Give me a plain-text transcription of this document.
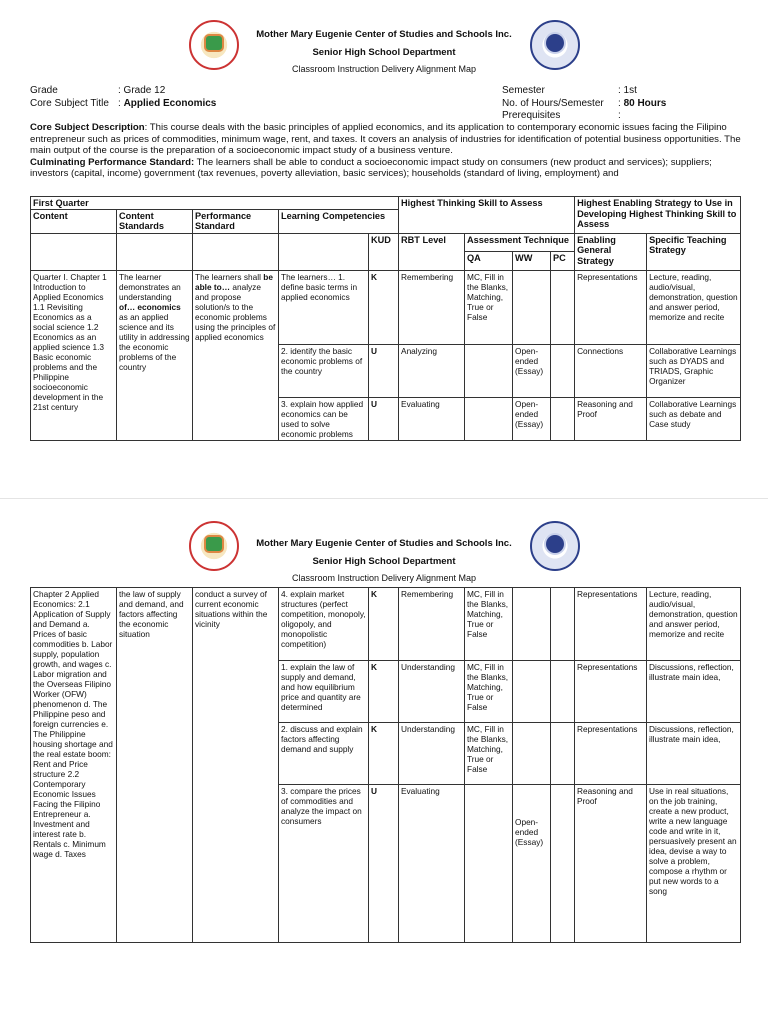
Mother Mary Eugenie Center of Studies and Schools Inc.
Senior High School Department
Classroom Instruction Delivery Alignment Map
Grade	: Grade 12
Core Subject Title : Applied Economics
Semester	: 1st
No. of Hours/Semester	: 80 Hours
Prerequisites	:
Core Subject Description: This course deals with the basic principles of applied economics, and its application to contemporary economic issues facing the Filipino entrepreneur such as prices of commodities, minimum wage, rent, and taxes. It covers an analysis of industries for identification of potential business opportunities. The main output of the course is the preparation of a socioeconomic impact study of a business venture.
Culminating Performance Standard: The learners shall be able to conduct a socioeconomic impact study on consumers (new product and services); suppliers; investors (capital, income) government (tax revenues, poverty alleviation, basic services); households (standard of living, employment) and
First Quarter					Highest Thinking Skill to Assess				Highest Enabling Strategy to Use in Developing Highest Thinking Skill to Assess	
Content	Content Standards	Performance Standard	Learning Competencies							
				KUD	RBT Level	Assessment Technique			Enabling General Strategy	Specific Teaching Strategy
						QA	WW	PC		
Quarter I. Chapter 1 Introduction to Applied Economics 1.1 Revisiting Economics as a social science 1.2 Economics as an applied science 1.3 Basic economic problems and the Philippine socioeconomic development in the 21st century	The learner demonstrates an understanding of… economics as an applied science and its utility in addressing the economic problems of the country	The learners shall be able to… analyze and propose solution/s to the economic problems using the principles of applied economics	The learners… 1. define basic terms in applied economics	K	Remembering	MC, Fill in the Blanks, Matching, True or False			Representations	Lecture, reading, audio/visual, demonstration, question and answer period, memorize and recite
			2. identify the basic economic problems of the country	U	Analyzing		Open-ended (Essay)		Connections	Collaborative Learnings such as DYADS and TRIADS, Graphic Organizer
			3. explain how applied economics can be used to solve economic problems	U	Evaluating		Open-ended (Essay)		Reasoning and Proof	Collaborative Learnings such as debate and Case study
Mother Mary Eugenie Center of Studies and Schools Inc.
Senior High School Department
Classroom Instruction Delivery Alignment Map
Chapter 2 Applied Economics: 2.1 Application of Supply and Demand a. Prices of basic commodities b. Labor supply, population growth, and wages c. Labor migration and the Overseas Filipino Worker (OFW) phenomenon d. The Philippine peso and foreign currencies e. The Philippine housing shortage and the real estate boom: Rent and Price structure 2.2 Contemporary Economic Issues Facing the Filipino Entrepreneur a. Investment and interest rate b. Rentals c. Minimum wage d. Taxes	the law of supply and demand, and factors affecting the economic situation	conduct a survey of current economic situations within the vicinity	4. explain market structures (perfect competition, monopoly, oligopoly, and monopolistic competition)	K	Remembering	MC, Fill in the Blanks, Matching, True or False			Representations	Lecture, reading, audio/visual, demonstration, question and answer period, memorize and recite
			1. explain the law of supply and demand, and how equilibrium price and quantity are determined	K	Understanding	MC, Fill in the Blanks, Matching, True or False			Representations	Discussions, reflection, illustrate main idea,
			2. discuss and explain factors affecting demand and supply	K	Understanding	MC, Fill in the Blanks, Matching, True or False			Representations	Discussions, reflection, illustrate main idea,
			3. compare the prices of commodities and analyze the impact on consumers	U	Evaluating		Open-ended (Essay)		Reasoning and Proof	Use in real situations, on the job training, create a new product, write a new language code and write in it, persuasively present an idea, devise a way to solve a problem, compose a rhythm or put new words to a song
